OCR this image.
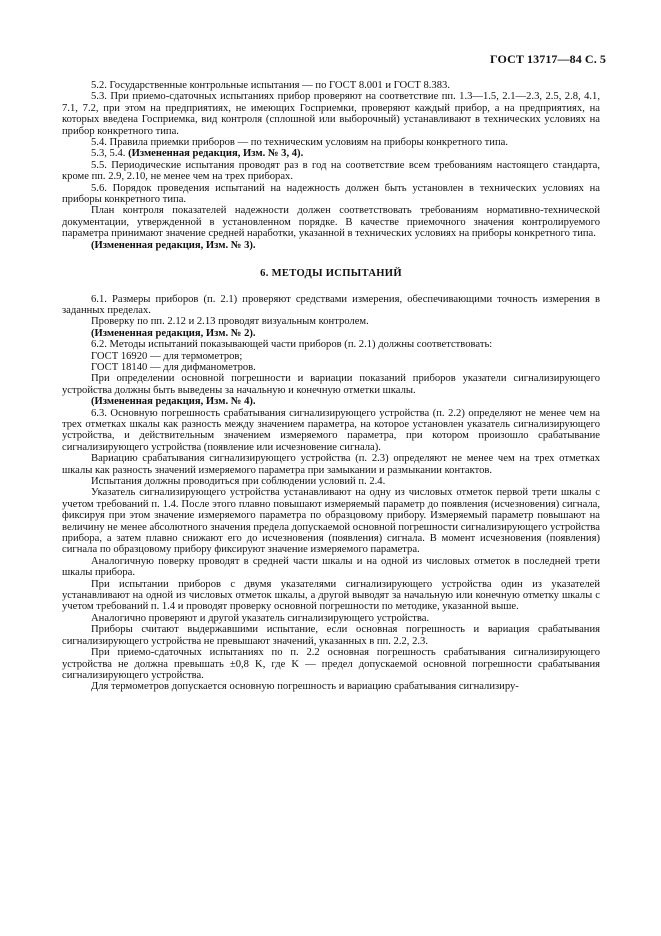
ГОСТ 13717—84 С. 5

5.2. Государственные контрольные испытания — по ГОСТ 8.001 и ГОСТ 8.383.

5.3. При приемо-сдаточных испытаниях прибор проверяют на соответствие пп. 1.3—1.5, 2.1—2.3, 2.5, 2.8, 4.1, 7.1, 7.2, при этом на предприятиях, не имеющих Госприемки, проверяют каждый прибор, а на предприятиях, на которых введена Госприемка, вид контроля (сплошной или выборочный) устанавливают в технических условиях на прибор конкретного типа.

5.4. Правила приемки приборов — по техническим условиям на приборы конкретного типа.

5.3, 5.4. (Измененная редакция, Изм. № 3, 4).

5.5. Периодические испытания проводят раз в год на соответствие всем требованиям настоящего стандарта, кроме пп. 2.9, 2.10, не менее чем на трех приборах.

5.6. Порядок проведения испытаний на надежность должен быть установлен в технических условиях на приборы конкретного типа.

План контроля показателей надежности должен соответствовать требованиям нормативно-технической документации, утвержденной в установленном порядке. В качестве приемочного значения контролируемого параметра принимают значение средней наработки, указанной в технических условиях на приборы конкретного типа.

(Измененная редакция, Изм. № 3).

6. МЕТОДЫ ИСПЫТАНИЙ

6.1. Размеры приборов (п. 2.1) проверяют средствами измерения, обеспечивающими точность измерения в заданных пределах.

Проверку по пп. 2.12 и 2.13 проводят визуальным контролем.

(Измененная редакция, Изм. № 2).

6.2. Методы испытаний показывающей части приборов (п. 2.1) должны соответствовать:

ГОСТ 16920 — для термометров;

ГОСТ 18140 — для дифманометров.

При определении основной погрешности и вариации показаний приборов указатели сигнализирующего устройства должны быть выведены за начальную и конечную отметки шкалы.

(Измененная редакция, Изм. № 4).

6.3. Основную погрешность срабатывания сигнализирующего устройства (п. 2.2) определяют не менее чем на трех отметках шкалы как разность между значением параметра, на которое установлен указатель сигнализирующего устройства, и действительным значением измеряемого параметра, при котором произошло срабатывание сигнализирующего устройства (появление или исчезновение сигнала).

Вариацию срабатывания сигнализирующего устройства (п. 2.3) определяют не менее чем на трех отметках шкалы как разность значений измеряемого параметра при замыкании и размыкании контактов.

Испытания должны проводиться при соблюдении условий п. 2.4.

Указатель сигнализирующего устройства устанавливают на одну из числовых отметок первой трети шкалы с учетом требований п. 1.4. После этого плавно повышают измеряемый параметр до появления (исчезновения) сигнала, фиксируя при этом значение измеряемого параметра по образцовому прибору. Измеряемый параметр повышают на величину не менее абсолютного значения предела допускаемой основной погрешности сигнализирующего устройства прибора, а затем плавно снижают его до исчезновения (появления) сигнала. В момент исчезновения (появления) сигнала по образцовому прибору фиксируют значение измеряемого параметра.

Аналогичную поверку проводят в средней части шкалы и на одной из числовых отметок в последней трети шкалы прибора.

При испытании приборов с двумя указателями сигнализирующего устройства один из указателей устанавливают на одной из числовых отметок шкалы, а другой выводят за начальную или конечную отметку шкалы с учетом требований п. 1.4 и проводят проверку основной погрешности по методике, указанной выше.

Аналогично проверяют и другой указатель сигнализирующего устройства.

Приборы считают выдержавшими испытание, если основная погрешность и вариация срабатывания сигнализирующего устройства не превышают значений, указанных в пп. 2.2, 2.3.

При приемо-сдаточных испытаниях по п. 2.2 основная погрешность срабатывания сигнализирующего устройства не должна превышать ±0,8 K, где K — предел допускаемой основной погрешности срабатывания сигнализирующего устройства.

Для термометров допускается основную погрешность и вариацию срабатывания сигнализиру-
